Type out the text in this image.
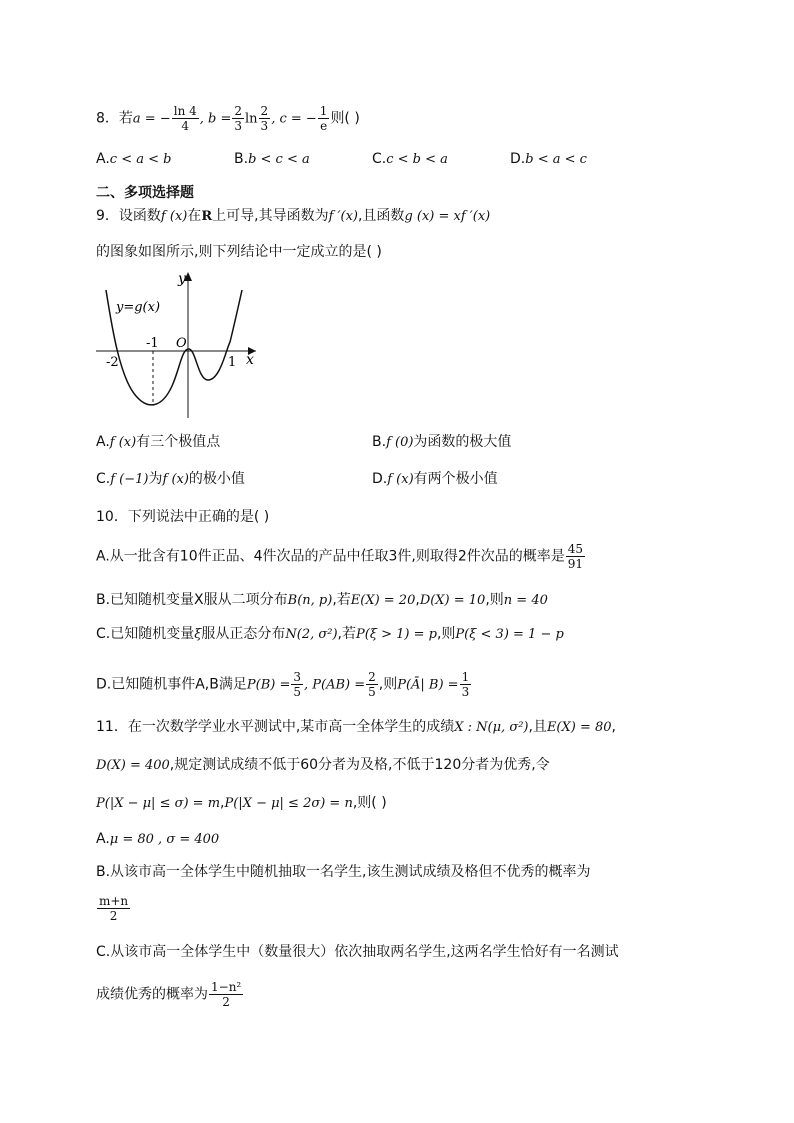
8．若a = − $\frac{\ln 4}{4}$ , $b = \frac{2}{3}$ $\ln \frac{2}{3}$ , c = − $\frac{1}{e}$ 则( )
A.c < a < b	B.b < c < a	C.c < b < a	D.b < a < c
二、多项选择题
9．设函数f (x)在R上可导,其导函数为f ′(x),且函数g (x) = xf ′(x)
的图象如图所示,则下列结论中一定成立的是( )
y
x
y=g(x)
O
-2
-1
1
A.f (x)有三个极值点	B.f (0)为函数的极大值
C.f (−1)为f (x)的极小值	D.f (x)有两个极小值
10．下列说法中正确的是( )
A.从一批含有10件正品、4件次品的产品中任取3件,则取得2件次品的概率是 $\frac{45}{91}$
B.已知随机变量X服从二项分布B(n, p),若E(X) = 20,D(X) = 10,则n = 40
C.已知随机变量ξ服从正态分布N(2, σ²),若P(ξ > 1) = p,则P(ξ < 3) = 1 − p
D.已知随机事件A,B满足$P(B) = \frac{3}{5}$ , $P(AB) = \frac{2}{5}$ ,则P(Ā| $B) = \frac{1}{3}$
11．在一次数学学业水平测试中,某市高一全体学生的成绩X : N(μ, σ²),且E(X) = 80,
D(X) = 400,规定测试成绩不低于60分者为及格,不低于120分者为优秀,令
P(|X − μ| ≤ σ) = m,P(|X − μ| ≤ 2σ) = n,则( )
A.μ = 80 , σ = 400
B.从该市高一全体学生中随机抽取一名学生,该生测试成绩及格但不优秀的概率为
$\frac{m+n}{2}$
C.从该市高一全体学生中（数量很大）依次抽取两名学生,这两名学生恰好有一名测试
成绩优秀的概率为 $\frac{\text{1−n²}}{2}$
